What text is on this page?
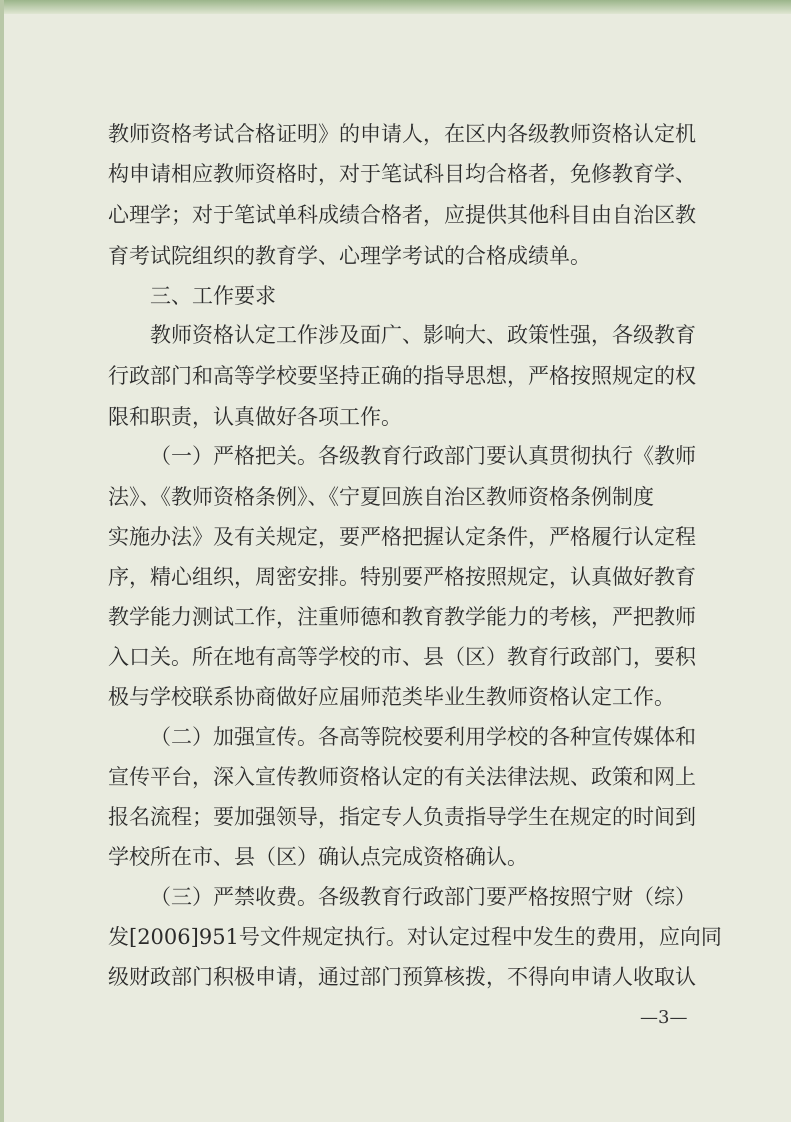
教师资格考试合格证明》的申请人，在区内各级教师资格认定机
构申请相应教师资格时，对于笔试科目均合格者，免修教育学、
心理学；对于笔试单科成绩合格者，应提供其他科目由自治区教
育考试院组织的教育学、心理学考试的合格成绩单。
三、工作要求
教师资格认定工作涉及面广、影响大、政策性强，各级教育
行政部门和高等学校要坚持正确的指导思想，严格按照规定的权
限和职责，认真做好各项工作。
（一）严格把关。各级教育行政部门要认真贯彻执行《教师
法》、《教师资格条例》、《宁夏回族自治区教师资格条例制度
实施办法》及有关规定，要严格把握认定条件，严格履行认定程
序，精心组织，周密安排。特别要严格按照规定，认真做好教育
教学能力测试工作，注重师德和教育教学能力的考核，严把教师
入口关。所在地有高等学校的市、县（区）教育行政部门，要积
极与学校联系协商做好应届师范类毕业生教师资格认定工作。
（二）加强宣传。各高等院校要利用学校的各种宣传媒体和
宣传平台，深入宣传教师资格认定的有关法律法规、政策和网上
报名流程；要加强领导，指定专人负责指导学生在规定的时间到
学校所在市、县（区）确认点完成资格确认。
（三）严禁收费。各级教育行政部门要严格按照宁财（综）
发[2006]951号文件规定执行。对认定过程中发生的费用，应向同
级财政部门积极申请，通过部门预算核拨，不得向申请人收取认
—3—
